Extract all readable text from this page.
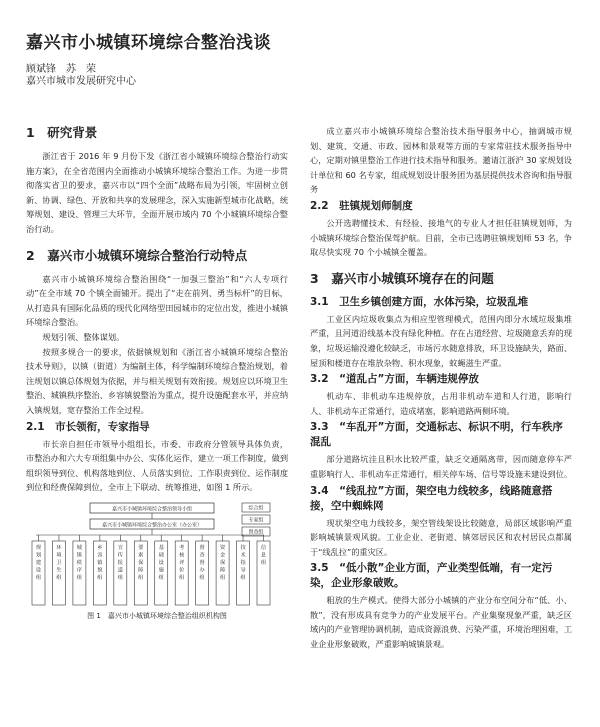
嘉兴市小城镇环境综合整治浅谈
顾斌锋　苏　荣
嘉兴市城市发展研究中心
1　研究背景

浙江省于 2016 年 9 月份下发《浙江省小城镇环境综合整治行动实施方案》，在全省范围内全面推动小城镇环境综合整治工作。为进一步贯彻落实省卫的要求，嘉兴市以“四个全面”战略布局为引领，牢固树立创新、协调、绿色、开放和共享的发展理念，深入实施新型城市化战略，统筹规划、建设、管理三大环节，全面开展市域内 70 个小城镇环境综合整治行动。

2　嘉兴市小城镇环境综合整治行动特点

嘉兴市小城镇环境综合整治围绕“一加强三整治”和“六人专项行动”在全市域 70 个镇全面铺开。提出了“走在前列、勇当标杆”的目标，从打造具有国际化品质的现代化网络型田园城市的定位出发，推进小城镇环境综合整治。

规划引领、整体谋划。

按照多规合一的要求，依据镇规划和《浙江省小城镇环境综合整治技术导则》，以镇（街道）为编制主体，科学编制环境综合整治规划，着注规划以镇总体规划为依据，并与相关规划有效衔接。规划应以环境卫生整治、城镇秩序整治、乡容镇貌整治为重点，提升设施配套水平，并应纳入镇规划，宽存整治工作全过程。

2.1　市长领衔，专家指导

市长亲自担任市领导小组组长，市委、市政府分管领导具体负责，市整治办和六大专项组集中办公、实体化运作，建立一项工作制度，做到组织领导到位、机构落地到位、人员落实到位、工作职责到位、运作制度到位和经费保障到位，全市上下联动、统筹推进，如图 1 所示。

嘉兴市小城镇环境综合整治领导小组
嘉兴市小城镇环境综合整治办公室（办公室）
综合组
专家组
督查组
规划建设组
环境卫生组
城镇秩序组
乡容镇貌组
宣传报道组
要素保障组
基础设施组
考核评价组
督查督办组
资金保障组
技术指导组
信息组
图 1　嘉兴市小城镇环境综合整治组织机构图

成立嘉兴市小城镇环境综合整治技术指导服务中心，抽调城市规划、建筑、交通、市政、园林和景观等方面的专家常驻技术服务指导中心，定期对镇里整治工作进行技术指导和服务。邀请江浙沪 30 家规划设计单位和 60 名专家，组成规划设计服务团为基层提供技术咨询和指导服务

2.2　驻镇规划师制度

公开选聘懂技术、有经验、接地气的专业人才担任驻镇规划师，为小城镇环境综合整治保驾护航。目前，全市已选聘驻镇规划师 53 名，争取尽快实现 70 个小城镇全覆盖。

3　嘉兴市小城镇环境存在的问题
3.1　卫生乡镇创建方面，水体污染，垃圾乱堆

工业区内垃圾收集点为相应型管理模式，范围内即分水域垃圾集堆严重，且河道沿线基本没有绿化种植。存在占道经营、垃圾随意丢弃的现象，垃圾运输没遵化较缺乏，市场污水随意排放，环卫设施缺失，路面、屋顶和楼道存在堆放杂物、积水现象，蚊蝇滋生严重。

3.2　“道乱占”方面，车辆违规停放

机动车、非机动车违规停放，占用非机动车道和人行道，影响行人、非机动车正常通行，造成堵塞，影响道路两侧环境。

3.3　“车乱开”方面，交通标志、标识不明，行车秩序混乱

部分道路坑洼且积水比较严重，缺乏交通隔离带，因而随意停车严重影响行人、非机动车正常通行，相关停车场、信号等设施未建设到位。

3.4　“线乱拉”方面，架空电力线较多，线路随意搭接，空中蜘蛛网

现状架空电力线较多，架空管线架设比较随意，局部区域影响严重影响城镇景观风貌。工业企业、老街道、镇郊居民区和农村居民点都属于“线乱拉”的重灾区。

3.5　“低小散”企业方面，产业类型低端，有一定污染，企业形象破败。

粗放的生产模式。使得大部分小城镇的产业分布空间分布“低、小、散”，没有形成具有竞争力的产业发展平台。产业集聚现象严重，缺乏区域内的产业管理协调机制，造成资源浪费、污染严重，环境治理困难，工业企业形象破败，严重影响城镇景观。
